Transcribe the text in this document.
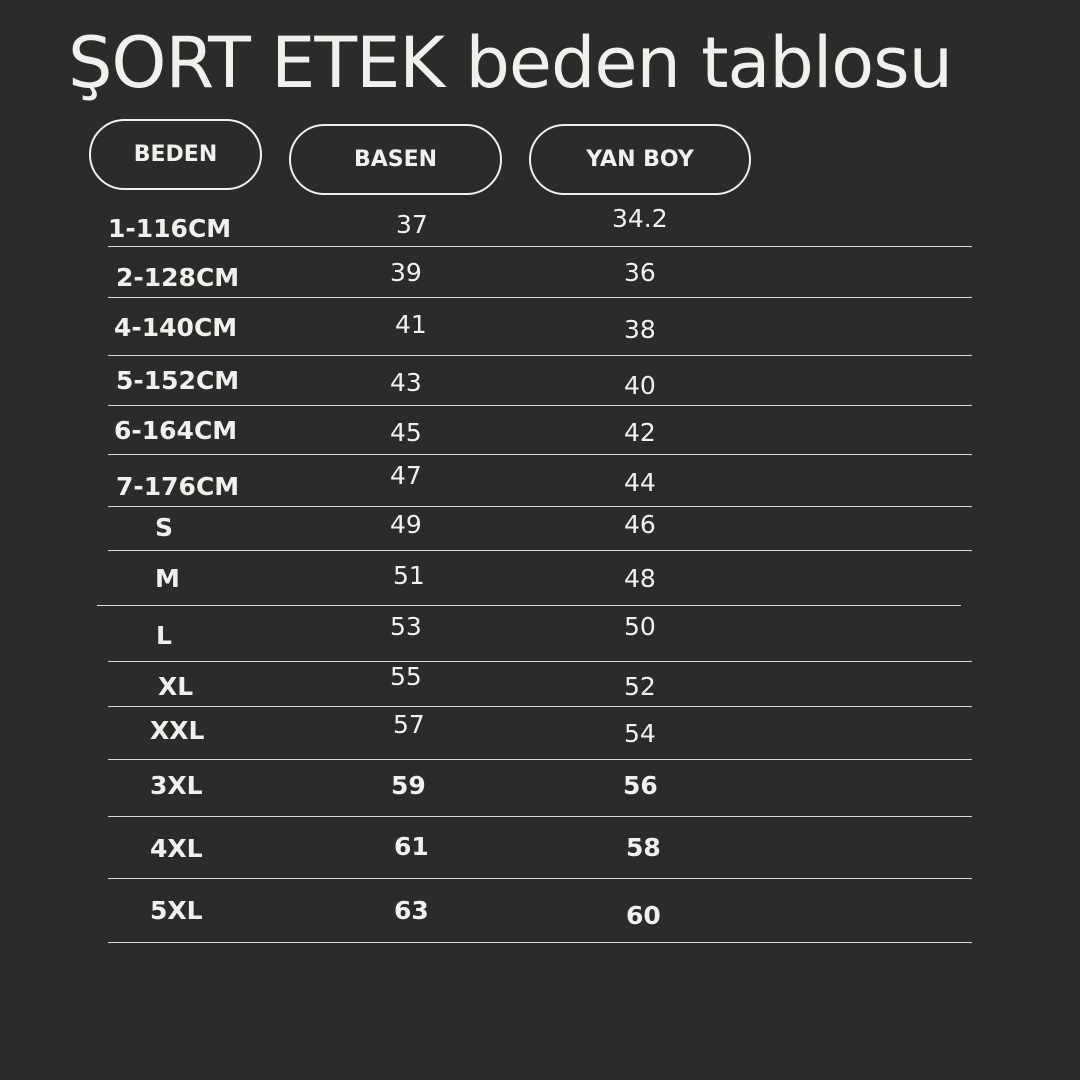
ŞORT ETEK beden tablosu
BEDEN	BASEN	YAN BOY
1-116CM	37	34.2
2-128CM	39	36
4-140CM	41	38
5-152CM	43	40
6-164CM	45	42
7-176CM	47	44
S	49	46
M	51	48
L	53	50
XL	55	52
XXL	57	54
3XL	59	56
4XL	61	58
5XL	63	60
